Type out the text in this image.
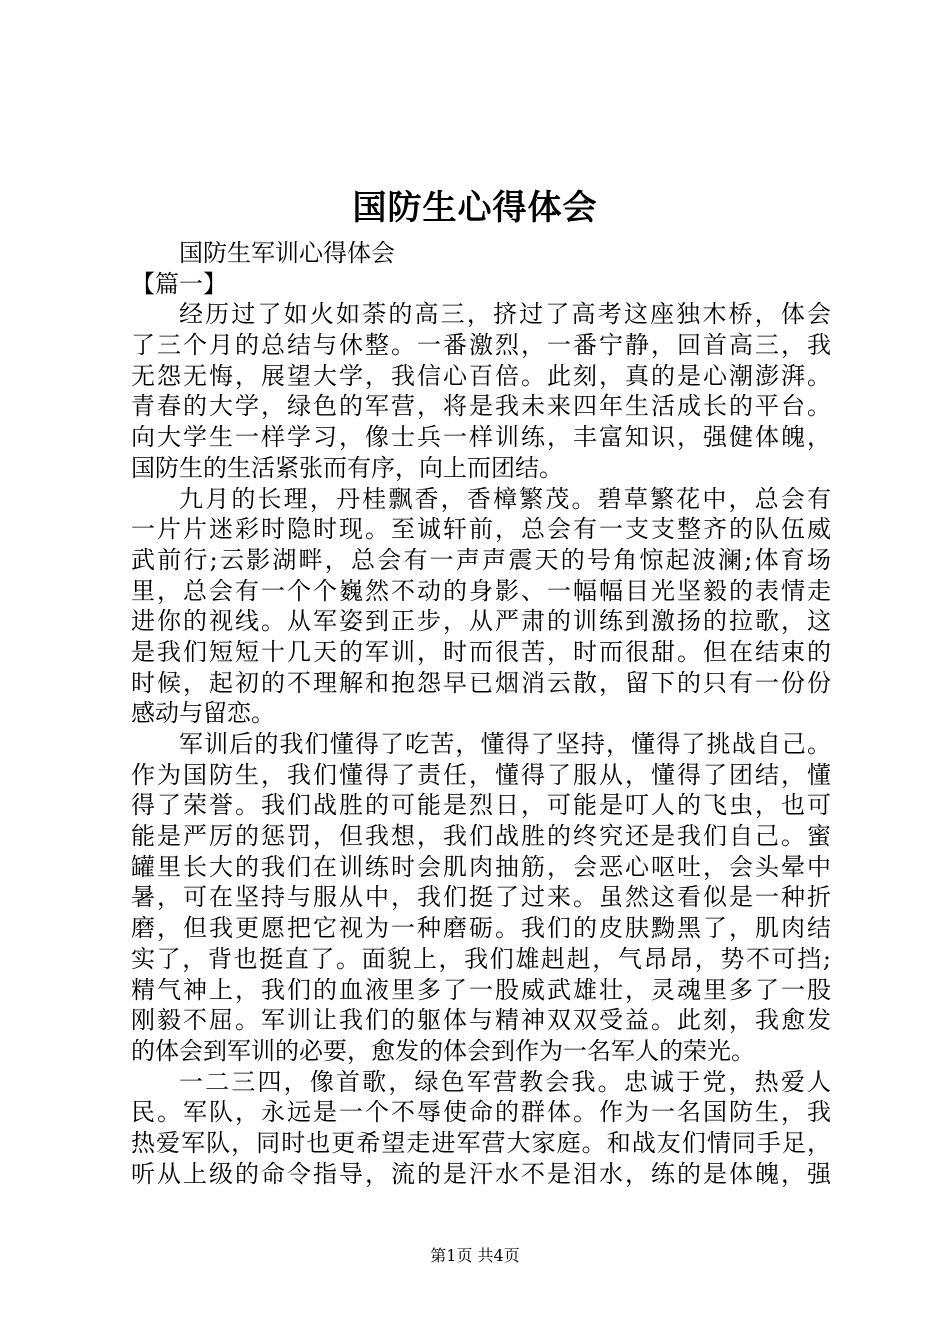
国防生心得体会

国防生军训心得体会

【篇一】

经历过了如火如荼的高三，挤过了高考这座独木桥，体会

了三个月的总结与休整。一番激烈，一番宁静，回首高三，我

无怨无悔，展望大学，我信心百倍。此刻，真的是心潮澎湃。

青春的大学，绿色的军营，将是我未来四年生活成长的平台。

向大学生一样学习，像士兵一样训练，丰富知识，强健体魄，

国防生的生活紧张而有序，向上而团结。

九月的长理，丹桂飘香，香樟繁茂。碧草繁花中，总会有

一片片迷彩时隐时现。至诚轩前，总会有一支支整齐的队伍威

武前行;云影湖畔，总会有一声声震天的号角惊起波澜;体育场

里，总会有一个个巍然不动的身影、一幅幅目光坚毅的表情走

进你的视线。从军姿到正步，从严肃的训练到激扬的拉歌，这

是我们短短十几天的军训，时而很苦，时而很甜。但在结束的

时候，起初的不理解和抱怨早已烟消云散，留下的只有一份份

感动与留恋。

军训后的我们懂得了吃苦，懂得了坚持，懂得了挑战自己。

作为国防生，我们懂得了责任，懂得了服从，懂得了团结，懂

得了荣誉。我们战胜的可能是烈日，可能是叮人的飞虫，也可

能是严厉的惩罚，但我想，我们战胜的终究还是我们自己。蜜

罐里长大的我们在训练时会肌肉抽筋，会恶心呕吐，会头晕中

暑，可在坚持与服从中，我们挺了过来。虽然这看似是一种折

磨，但我更愿把它视为一种磨砺。我们的皮肤黝黑了，肌肉结

实了，背也挺直了。面貌上，我们雄赳赳，气昂昂，势不可挡;

精气神上，我们的血液里多了一股威武雄壮，灵魂里多了一股

刚毅不屈。军训让我们的躯体与精神双双受益。此刻，我愈发

的体会到军训的必要，愈发的体会到作为一名军人的荣光。

一二三四，像首歌，绿色军营教会我。忠诚于党，热爱人

民。军队，永远是一个不辱使命的群体。作为一名国防生，我

热爱军队，同时也更希望走进军营大家庭。和战友们情同手足，

听从上级的命令指导，流的是汗水不是泪水，练的是体魄，强

第1页 共4页
